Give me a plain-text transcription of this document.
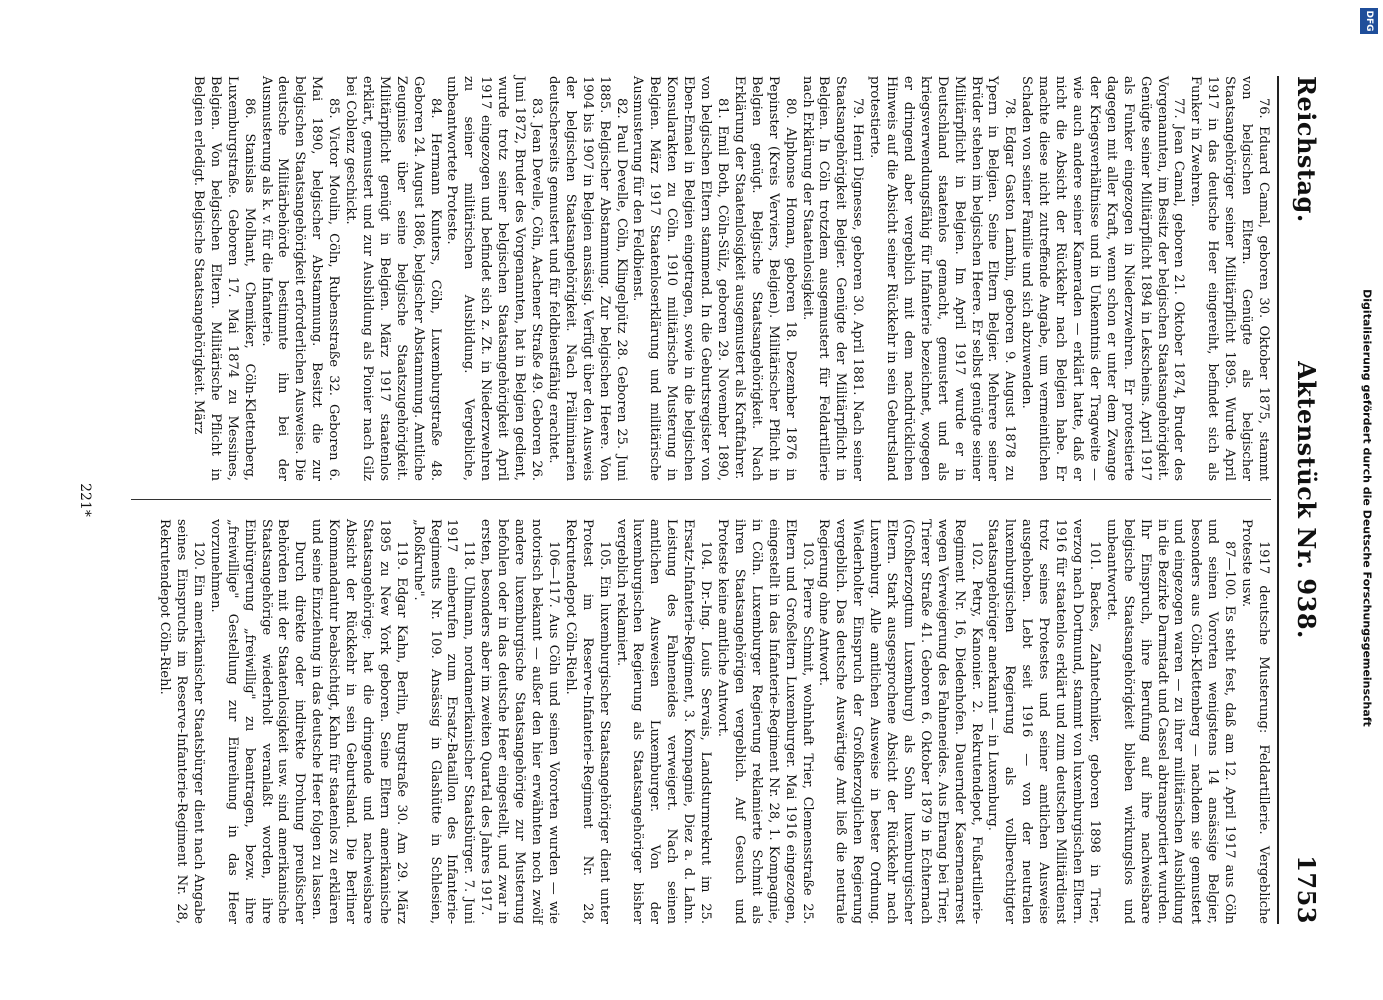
Reichstag.
Aktenstück Nr. 938.
1753

76. Eduard Camal, geboren 30. Oktober 1875, stammt von belgischen Eltern. Genügte als belgischer Staatsangehöriger seiner Militärpflicht 1895. Wurde April 1917 in das deutsche Heer eingereiht, befindet sich als Funker in Zwehren.

77. Jean Camal, geboren 21. Oktober 1874, Bruder des Vorgenannten, im Besitz der belgischen Staatsangehörigkeit. Genügte seiner Militärpflicht 1894 in Lekscheins. April 1917 als Funker eingezogen in Niederzwehren. Er protestierte dagegen mit aller Kraft, wenn schon er unter dem Zwange der Kriegsverhältnisse und in Unkenntnis der Tragweite — wie auch andere seiner Kameraden — erklärt hatte, daß er nicht die Absicht der Rückkehr nach Belgien habe. Er machte diese nicht zutreffende Angabe, um vermeintlichen Schaden von seiner Familie und sich abzuwenden.

78. Edgar Gaston Lambin, geboren 9. August 1878 zu Ypern in Belgien. Seine Eltern Belgier. Mehrere seiner Brüder stehen im belgischen Heere. Er selbst genügte seiner Militärpflicht in Belgien. Im April 1917 wurde er in Deutschland staatenlos gemacht, gemustert und als kriegsverwendungsfähig für Infanterie bezeichnet, wogegen er dringend aber vergeblich mit dem nachdrücklichen Hinweis auf die Absicht seiner Rückkehr in sein Geburtsland protestierte.

79. Henri Dignesse, geboren 30. April 1881. Nach seiner Staatsangehörigkeit Belgier. Genügte der Militärpflicht in Belgien. In Cöln trotzdem ausgemustert für Feldartillerie nach Erklärung der Staatenlosigkeit.

80. Alphonse Homan, geboren 18. Dezember 1876 in Pepinster (Kreis Verviers, Belgien). Militärischer Pflicht in Belgien genügt. Belgische Staatsangehörigkeit. Nach Erklärung der Staatenlosigkeit ausgemustert als Kraftfahrer.

81. Emil Both, Cöln-Sülz, geboren 29. November 1890, von belgischen Eltern stammend. In die Geburtsregister von Eben-Emael in Belgien eingetragen, sowie in die belgischen Konsularakten zu Cöln. 1910 militärische Musterung in Belgien. März 1917 Staatenloserklärung und militärische Ausmusterung für den Feldbienst.

82. Paul Develle, Cöln, Klingelpütz 28. Geboren 25. Juni 1885. Belgischer Abstammung. Zur belgischen Heere. Von 1904 bis 1907 in Belgien ansässig. Verfügt über den Ausweis der belgischen Staatsangehörigkeit. Nach Präliminarien deutscherseits gemustert und für feldbienstfähig erachtet.

83. Jean Develle, Cöln, Aachener Straße 49. Geboren 26. Juni 1872, Bruder des Vorgenannten, hat in Belgien gedient, wurde trotz seiner belgischen Staatsangehörigkeit April 1917 eingezogen und befindet sich z. Zt. in Niederzwehren zu seiner militärischen Ausbildung. Vergebliche, unbeantwortete Proteste.

84. Hermann Kunters, Cöln, Luxemburgstraße 48. Geboren 24. August 1886, belgischer Abstammung. Amtliche Zeugnisse über seine belgische Staatszugehörigkeit. Militärpflicht genügt in Belgien. März 1917 staatenlos erklärt, gemustert und zur Ausbildung als Pionier nach Gilz bei Coblenz geschickt.

85. Victor Moulin, Cöln, Rubensstraße 32. Geboren 6. Mai 1890, belgischer Abstammung. Besitzt die zur belgischen Staatsangehörigkeit erforderlichen Ausweise. Die deutsche Militärbehörde bestimmte ihn bei der Ausmusterung als k. v. für die Infanterie.

86. Stanislas Molhant, Chemiker, Cöln-Klettenberg, Luxemburgstraße. Geboren 17. Mai 1874 zu Messines, Belgien. Von belgischen Eltern. Militärische Pflicht in Belgien erledigt. Belgische Staatsangehörigkeit. März

1917 deutsche Musterung: Feldartillerie. Vergebliche Proteste usw.

87—100. Es steht fest, daß am 12. April 1917 aus Cöln und seinen Vororten wenigstens 14 ansässige Belgier, besonders aus Cöln-Klettenberg — nachdem sie gemustert und eingezogen waren — zu ihrer militärischen Ausbildung in die Bezirke Darmstadt und Cassel abtransportiert wurden. Ihr Einspruch, ihre Berufung auf ihre nachweisbare belgische Staatsangehörigkeit blieben wirkungslos und unbeantwortet.

101. Backes, Zahntechniker, geboren 1898 in Trier, verzog nach Dortmund, stammt von luxemburgischen Eltern. 1916 für staatenlos erklärt und zum deutschen Militärdienst trotz seines Protestes und seiner amtlichen Ausweise ausgehoben. Lebt seit 1916 — von der neutralen luxemburgischen Regierung als vollberechtigter Staatsangehöriger anerkannt — in Luxemburg.

102. Petry, Kanonier. 2. Rekrutendepot, Fußartillerie-Regiment Nr. 16, Diedenhofen. Dauernder Kasernenarrest wegen Verweigerung des Fahneneides. Aus Ehrang bei Trier, Trierer Straße 41. Geboren 6. Oktober 1879 in Echternach (Großherzogtum Luxemburg) als Sohn luxemburgischer Eltern. Stark ausgesprochene Absicht der Rückkehr nach Luxemburg. Alle amtlichen Ausweise in bester Ordnung. Wiederholter Einspruch der Großherzoglichen Regierung vergeblich. Das deutsche Auswärtige Amt ließ die neutrale Regierung ohne Antwort.

103. Pierre Schmit, wohnhaft Trier, Clemensstraße 25. Eltern und Großeltern Luxemburger. Mai 1916 eingezogen, eingestellt in das Infanterie-Regiment Nr. 28, 1. Kompagnie, in Cöln. Luxemburger Regierung reklamierte Schmit als ihren Staatsangehörigen vergeblich. Auf Gesuch und Proteste keine amtliche Antwort.

104. Dr.-Ing. Louis Servais, Landsturmrekrut im 25. Ersatz-Infanterie-Regiment, 3. Kompagnie, Diez a. d. Lahn. Leistung des Fahneneides verweigert. Nach seinen amtlichen Ausweisen Luxemburger. Von der luxemburgischen Regierung als Staatsangehöriger bisher vergeblich reklamiert.

105. Ein luxemburgischer Staatsangehöriger dient unter Protest im Reserve-Infanterie-Regiment Nr. 28, Rekrutendepot Cöln-Riehl.

106—117. Aus Cöln und seinen Vororten wurden — wie notorisch bekannt — außer den hier erwähnten noch zwölf andere luxemburgische Staatsangehörige zur Musterung befohlen oder in das deutsche Heer eingestellt, und zwar in ersten, besonders aber im zweiten Quartal des Jahres 1917.

118. Uhlmann, nordamerikanischer Staatsbürger. 7. Juni 1917 einberufen zum Ersatz-Bataillon des Infanterie-Regiments Nr. 109. Ansässig in Glashütte in Schlesien, „Roßkruhe".

119. Edgar Kahn, Berlin, Burgstraße 30. Am 29. März 1895 zu New York geboren. Seine Eltern amerikanische Staatsangehörige; hat die dringende und nachweisbare Absicht der Rückkehr in sein Geburtsland. Die Berliner Kommandantur beabsichtigt, Kahn für staatenlos zu erklären und seine Einziehung in das deutsche Heer folgen zu lassen.

Durch direkte oder indirekte Drohung preußischer Behörden mit der Staatenlosigkeit usw. sind amerikanische Staatsangehörige wiederholt veranlaßt worden, ihre Einbürgerung „freiwillig" zu beantragen, bezw. ihre „freiwillige" Gestellung zur Einreihung in das Heer vorzunehmen.

120. Ein amerikanischer Staatsbürger dient nach Angabe seines Einspruchs im Reserve-Infanterie-Regiment Nr. 28, Rekrutendepot Cöln-Riehl.

221*	Digitalisierung gefördert durch die Deutsche Forschungsgemeinschaft
DFG
